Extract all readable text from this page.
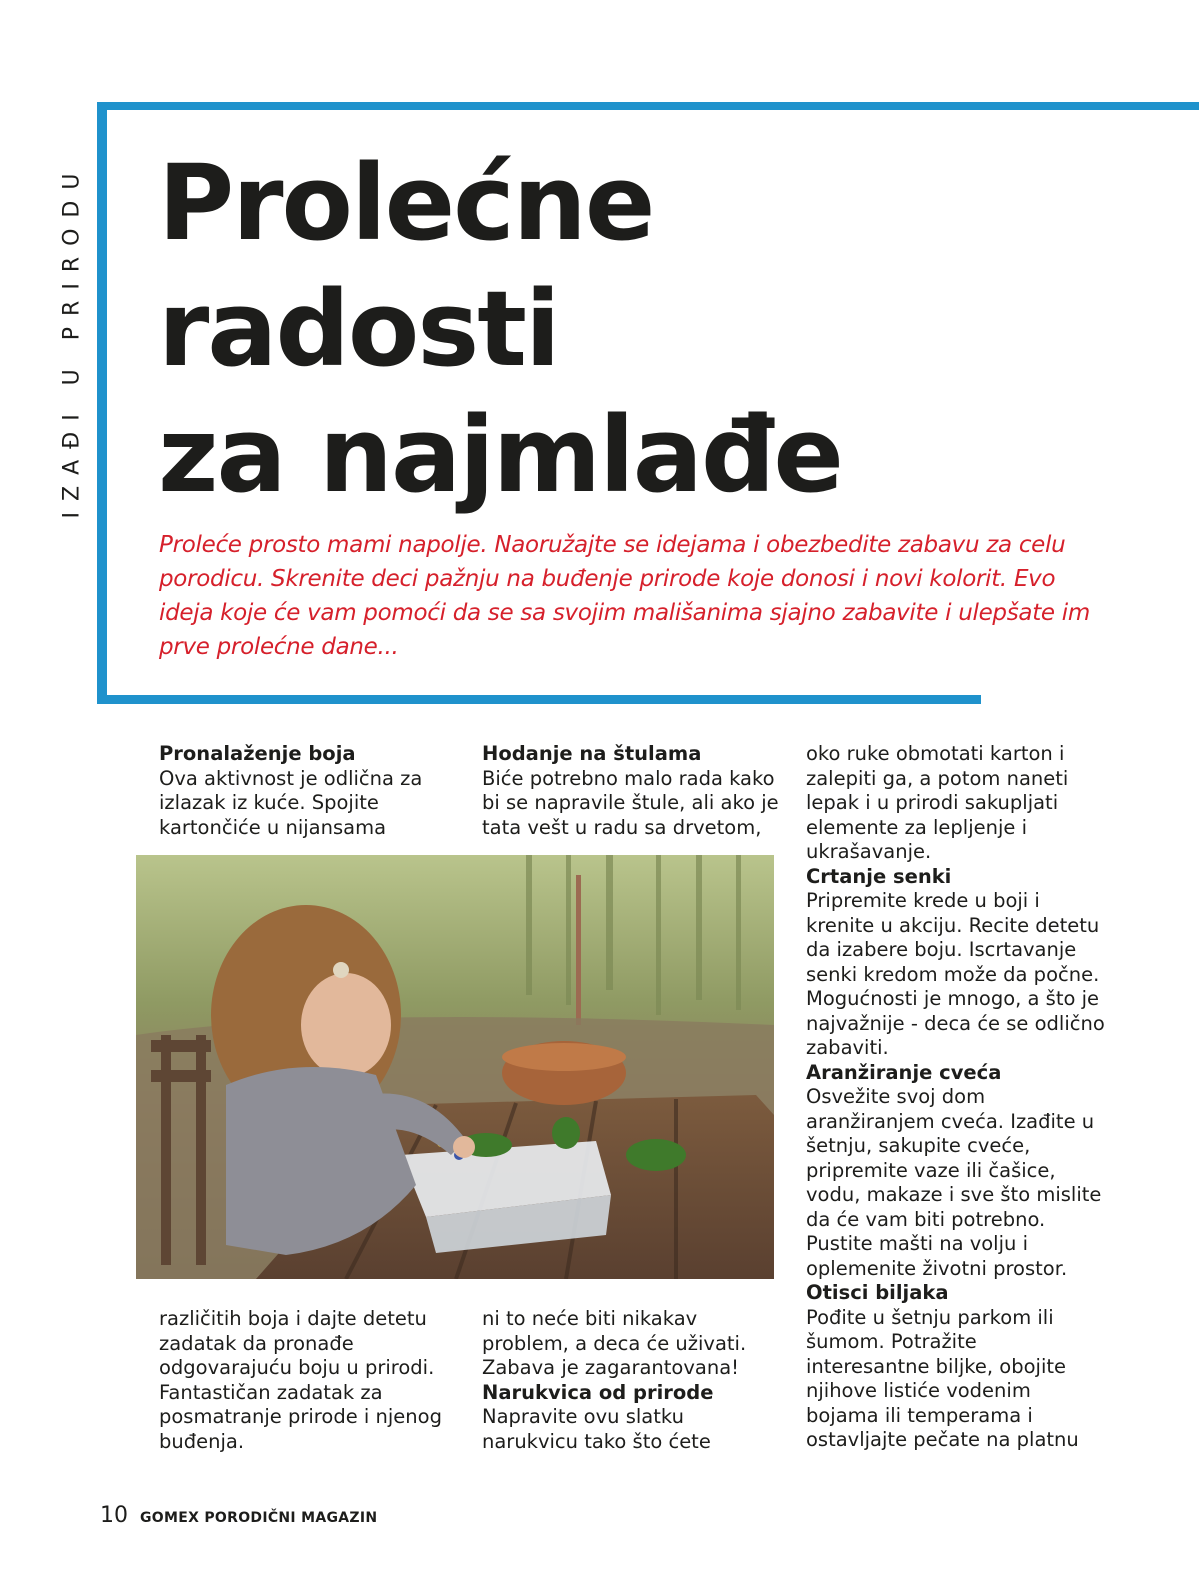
IZAĐI U PRIRODU Prolećne
radosti
za najmlađe

Proleće prosto mami napolje. Naoružajte se idejama i obezbedite zabavu za celu porodicu. Skrenite deci pažnju na buđenje prirode koje donosi i novi kolorit. Evo ideja koje će vam pomoći da se sa svojim mališanima sjajno zabavite i ulepšate im prve prolećne dane...

Pronalaženje boja

Ova aktivnost je odlična za izlazak iz kuće. Spojite kartončiće u nijansama

Hodanje na štulama

Biće potrebno malo rada kako bi se napravile štule, ali ako je tata vešt u radu sa drvetom,

različitih boja i dajte detetu zadatak da pronađe odgovarajuću boju u prirodi. Fantastičan zadatak za posmatranje prirode i njenog buđenja.

ni to neće biti nikakav problem, a deca će uživati. Zabava je zagarantovana!

Narukvica od prirode

Napravite ovu slatku narukvicu tako što ćete

oko ruke obmotati karton i zalepiti ga, a potom naneti lepak i u prirodi sakupljati elemente za lepljenje i ukrašavanje.

Crtanje senki

Pripremite krede u boji i krenite u akciju. Recite detetu da izabere boju. Iscrtavanje senki kredom može da počne. Mogućnosti je mnogo, a što je najvažnije - deca će se odlično zabaviti.

Aranžiranje cveća

Osvežite svoj dom aranžiranjem cveća. Izađite u šetnju, sakupite cveće, pripremite vaze ili čašice, vodu, makaze i sve što mislite da će vam biti potrebno. Pustite mašti na volju i oplemenite životni prostor.

Otisci biljaka

Pođite u šetnju parkom ili šumom. Potražite interesantne biljke, obojite njihove listiće vodenim bojama ili temperama i ostavljajte pečate na platnu

10 GOMEX PORODIČNI MAGAZIN
